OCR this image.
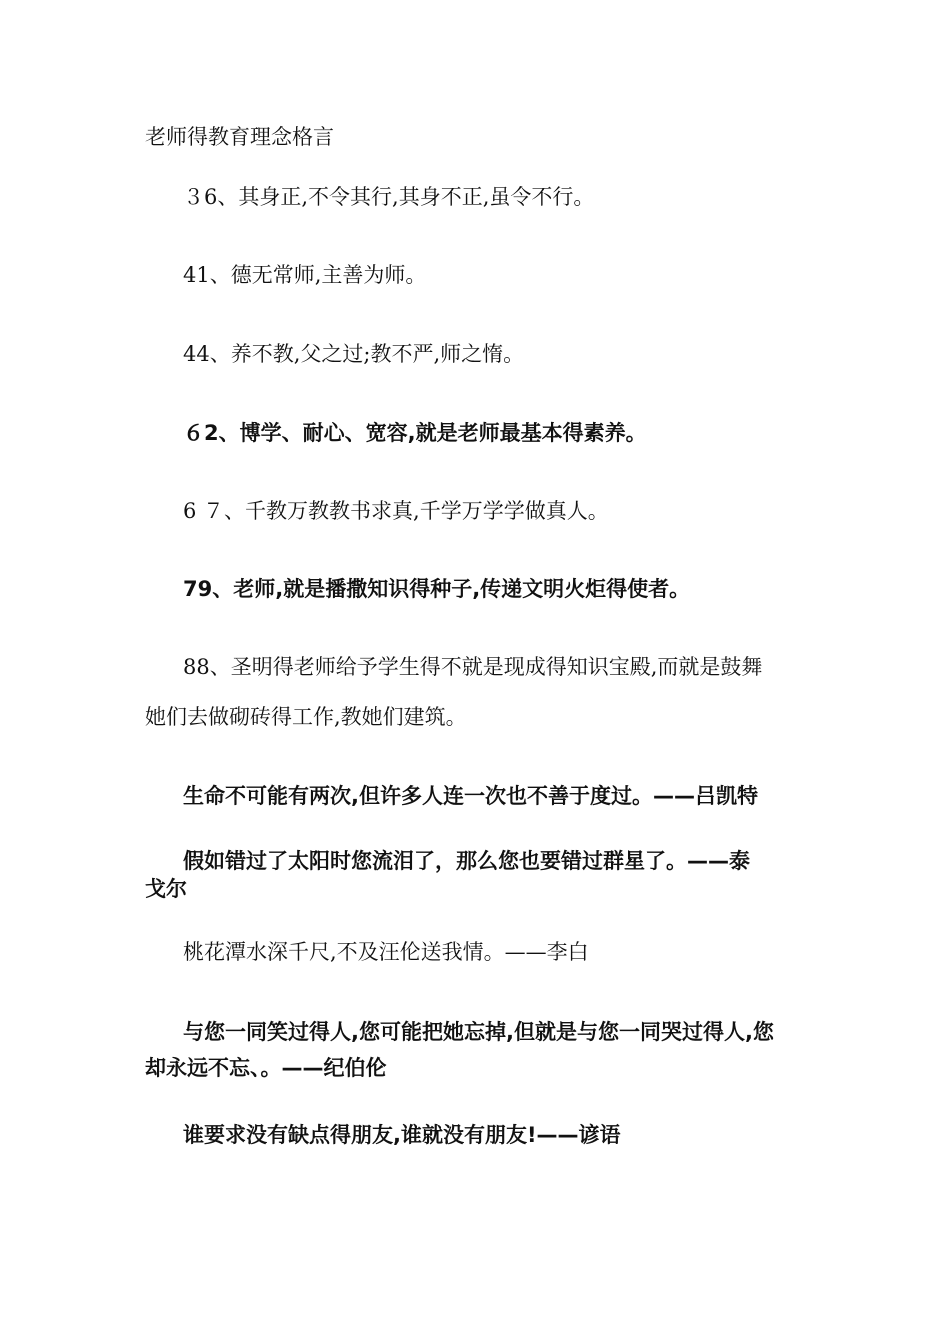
老师得教育理念格言

３6、其身正,不令其行,其身不正,虽令不行。

41、德无常师,主善为师。

44、养不教,父之过;教不严,师之惰。

６2、博学、耐心、宽容,就是老师最基本得素养。

6 ７、千教万教教书求真,千学万学学做真人。

79、老师,就是播撒知识得种子,传递文明火炬得使者。

88、圣明得老师给予学生得不就是现成得知识宝殿,而就是鼓舞

她们去做砌砖得工作,教她们建筑。

生命不可能有两次,但许多人连一次也不善于度过。——吕凯特

假如错过了太阳时您流泪了，那么您也要错过群星了。——泰

戈尔

桃花潭水深千尺,不及汪伦送我情。——李白

与您一同笑过得人,您可能把她忘掉,但就是与您一同哭过得人,您

却永远不忘、。——纪伯伦

谁要求没有缺点得朋友,谁就没有朋友!——谚语
